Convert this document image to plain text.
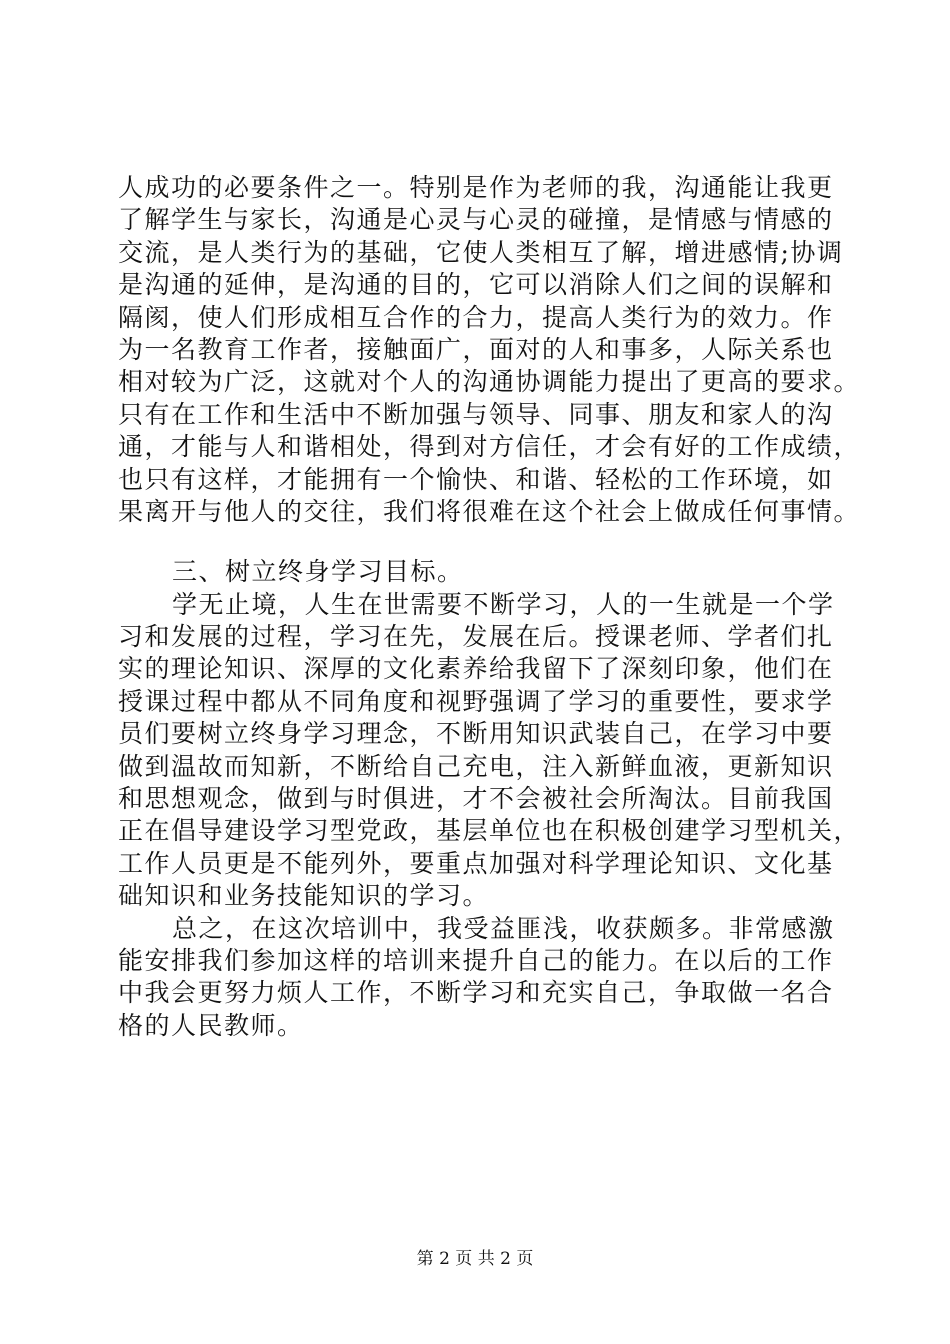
人成功的必要条件之一。特别是作为老师的我，沟通能让我更
了解学生与家长，沟通是心灵与心灵的碰撞，是情感与情感的
交流，是人类行为的基础，它使人类相互了解，增进感情;协调
是沟通的延伸，是沟通的目的，它可以消除人们之间的误解和
隔阂，使人们形成相互合作的合力，提高人类行为的效力。作
为一名教育工作者，接触面广，面对的人和事多，人际关系也
相对较为广泛，这就对个人的沟通协调能力提出了更高的要求。
只有在工作和生活中不断加强与领导、同事、朋友和家人的沟
通，才能与人和谐相处，得到对方信任，才会有好的工作成绩，
也只有这样，才能拥有一个愉快、和谐、轻松的工作环境，如
果离开与他人的交往，我们将很难在这个社会上做成任何事情。
三、树立终身学习目标。
学无止境，人生在世需要不断学习，人的一生就是一个学
习和发展的过程，学习在先，发展在后。授课老师、学者们扎
实的理论知识、深厚的文化素养给我留下了深刻印象，他们在
授课过程中都从不同角度和视野强调了学习的重要性，要求学
员们要树立终身学习理念，不断用知识武装自己，在学习中要
做到温故而知新，不断给自己充电，注入新鲜血液，更新知识
和思想观念，做到与时俱进，才不会被社会所淘汰。目前我国
正在倡导建设学习型党政，基层单位也在积极创建学习型机关，
工作人员更是不能列外，要重点加强对科学理论知识、文化基
础知识和业务技能知识的学习。
总之，在这次培训中，我受益匪浅，收获颇多。非常感激
能安排我们参加这样的培训来提升自己的能力。在以后的工作
中我会更努力烦人工作，不断学习和充实自己，争取做一名合
格的人民教师。
第 2 页 共 2 页
